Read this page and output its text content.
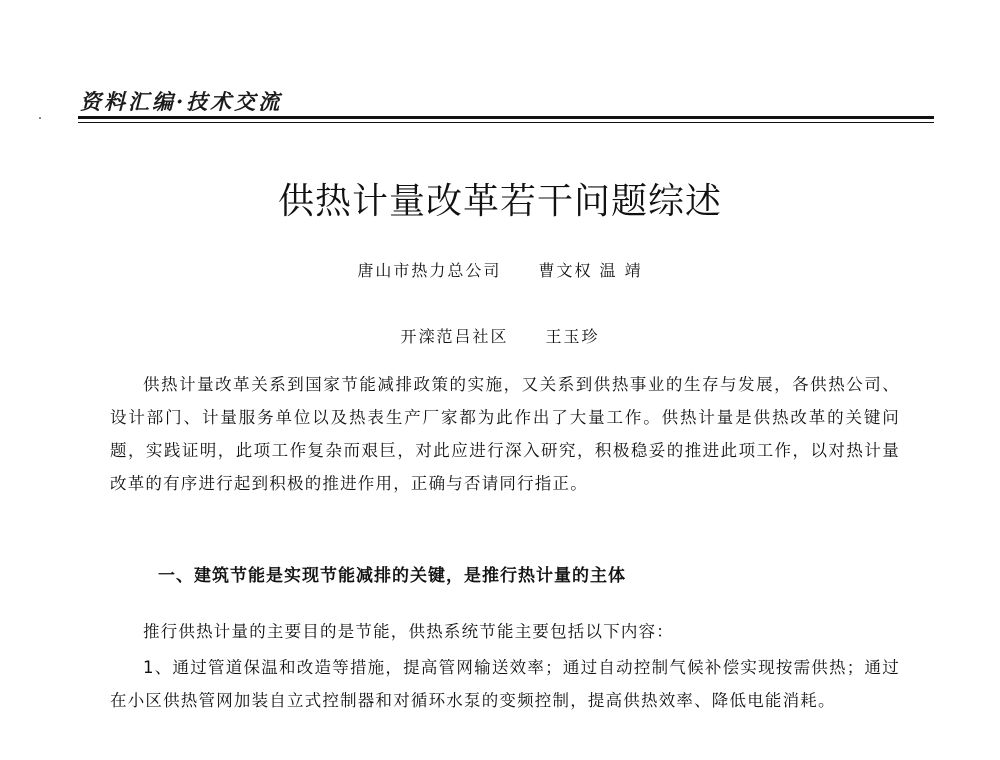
资料汇编·技术交流
供热计量改革若干问题综述
唐山市热力总公司 曹文权 温 靖
开滦范吕社区 王玉珍
供热计量改革关系到国家节能减排政策的实施，又关系到供热事业的生存与发展，各供热公司、设计部门、计量服务单位以及热表生产厂家都为此作出了大量工作。供热计量是供热改革的关键问题，实践证明，此项工作复杂而艰巨，对此应进行深入研究，积极稳妥的推进此项工作，以对热计量改革的有序进行起到积极的推进作用，正确与否请同行指正。
一、建筑节能是实现节能减排的关键，是推行热计量的主体
推行供热计量的主要目的是节能，供热系统节能主要包括以下内容：
1、通过管道保温和改造等措施，提高管网输送效率；通过自动控制气候补偿实现按需供热；通过在小区供热管网加装自立式控制器和对循环水泵的变频控制，提高供热效率、降低电能消耗。
